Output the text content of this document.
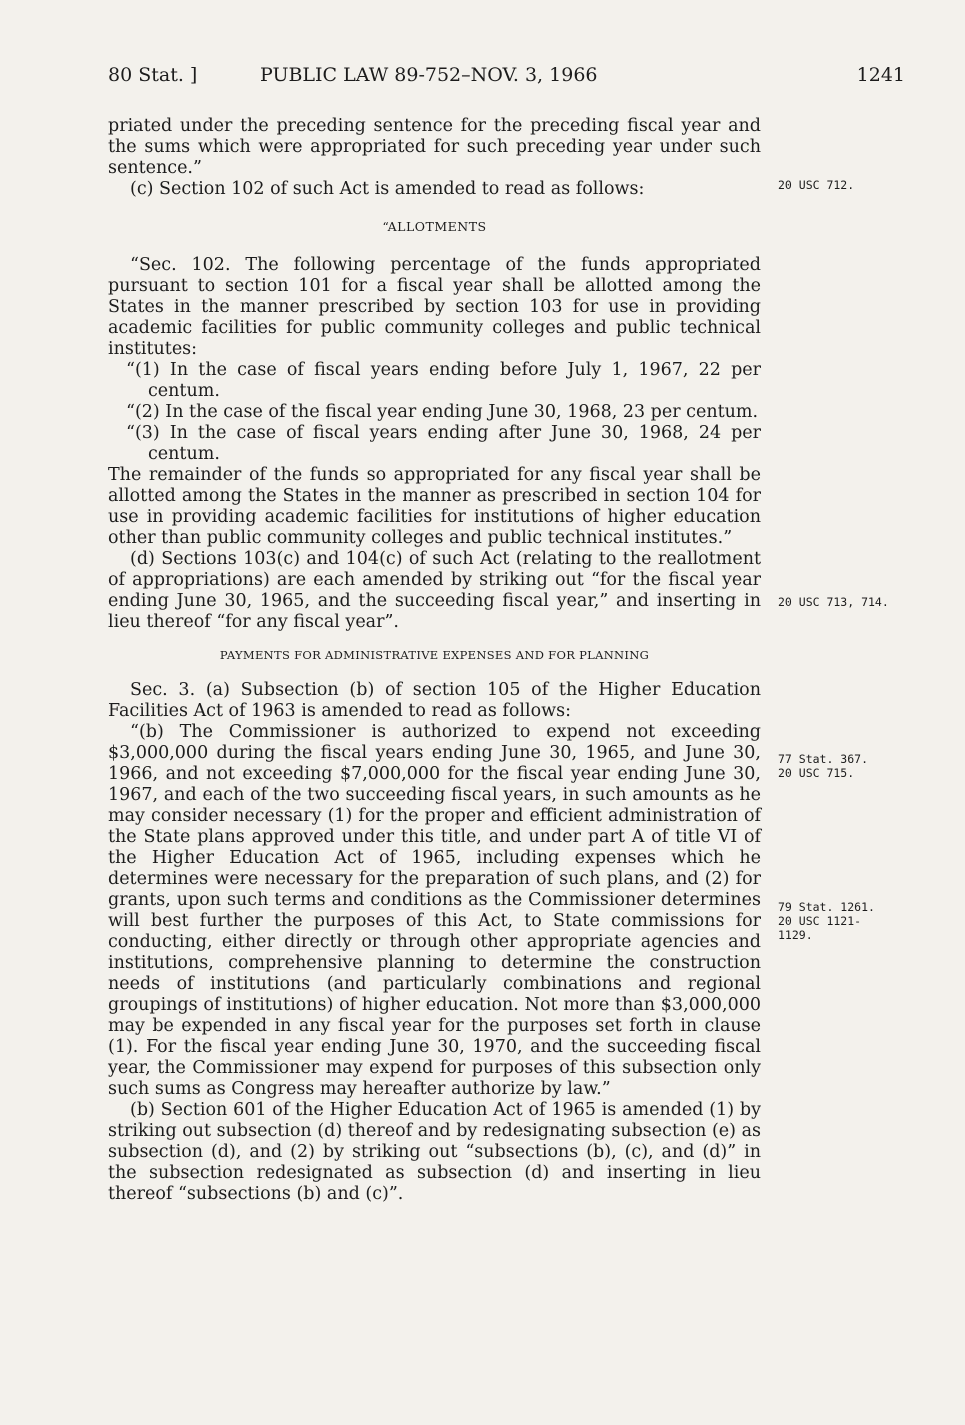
80 Stat. ]	PUBLIC LAW 89-752–NOV. 3, 1966	1241

priated under the preceding sentence for the preceding fiscal year and the sums which were appropriated for such preceding year under such sentence.”

(c) Section 102 of such Act is amended to read as follows:

“ALLOTMENTS

“Sec. 102. The following percentage of the funds appropriated pursuant to section 101 for a fiscal year shall be allotted among the States in the manner prescribed by section 103 for use in providing academic facilities for public community colleges and public technical institutes:

“(1) In the case of fiscal years ending before July 1, 1967, 22 per centum.

“(2) In the case of the fiscal year ending June 30, 1968, 23 per centum.

“(3) In the case of fiscal years ending after June 30, 1968, 24 per centum.

The remainder of the funds so appropriated for any fiscal year shall be allotted among the States in the manner as prescribed in section 104 for use in providing academic facilities for institutions of higher education other than public community colleges and public technical institutes.”

(d) Sections 103(c) and 104(c) of such Act (relating to the reallotment of appropriations) are each amended by striking out “for the fiscal year ending June 30, 1965, and the succeeding fiscal year,” and inserting in lieu thereof “for any fiscal year”.

PAYMENTS FOR ADMINISTRATIVE EXPENSES AND FOR PLANNING

Sec. 3. (a) Subsection (b) of section 105 of the Higher Education Facilities Act of 1963 is amended to read as follows:

“(b) The Commissioner is authorized to expend not exceeding $3,000,000 during the fiscal years ending June 30, 1965, and June 30, 1966, and not exceeding $7,000,000 for the fiscal year ending June 30, 1967, and each of the two succeeding fiscal years, in such amounts as he may consider necessary (1) for the proper and efficient administration of the State plans approved under this title, and under part A of title VI of the Higher Education Act of 1965, including expenses which he determines were necessary for the preparation of such plans, and (2) for grants, upon such terms and conditions as the Commissioner determines will best further the purposes of this Act, to State commissions for conducting, either directly or through other appropriate agencies and institutions, comprehensive planning to determine the construction needs of institutions (and particularly combinations and regional groupings of institutions) of higher education. Not more than $3,000,000 may be expended in any fiscal year for the purposes set forth in clause (1). For the fiscal year ending June 30, 1970, and the succeeding fiscal year, the Commissioner may expend for purposes of this subsection only such sums as Congress may hereafter authorize by law.”

(b) Section 601 of the Higher Education Act of 1965 is amended (1) by striking out subsection (d) thereof and by redesignating subsection (e) as subsection (d), and (2) by striking out “subsections (b), (c), and (d)” in the subsection redesignated as subsection (d) and inserting in lieu thereof “subsections (b) and (c)”.

20 USC 712.
20 USC 713, 714.
77 Stat. 367.
20 USC 715.
79 Stat. 1261.
20 USC 1121-
1129.
